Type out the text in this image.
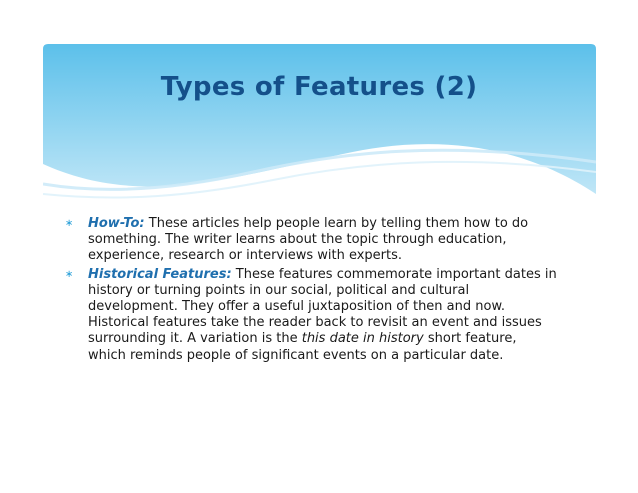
Types of Features (2)
∗ How-To: These articles help people learn by telling them how to do something. The writer learns about the topic through education, experience, research or interviews with experts.
∗ Historical Features: These features commemorate important dates in history or turning points in our social, political and cultural development. They offer a useful juxtaposition of then and now. Historical features take the reader back to revisit an event and issues surrounding it. A variation is the this date in history short feature, which reminds people of significant events on a particular date.
